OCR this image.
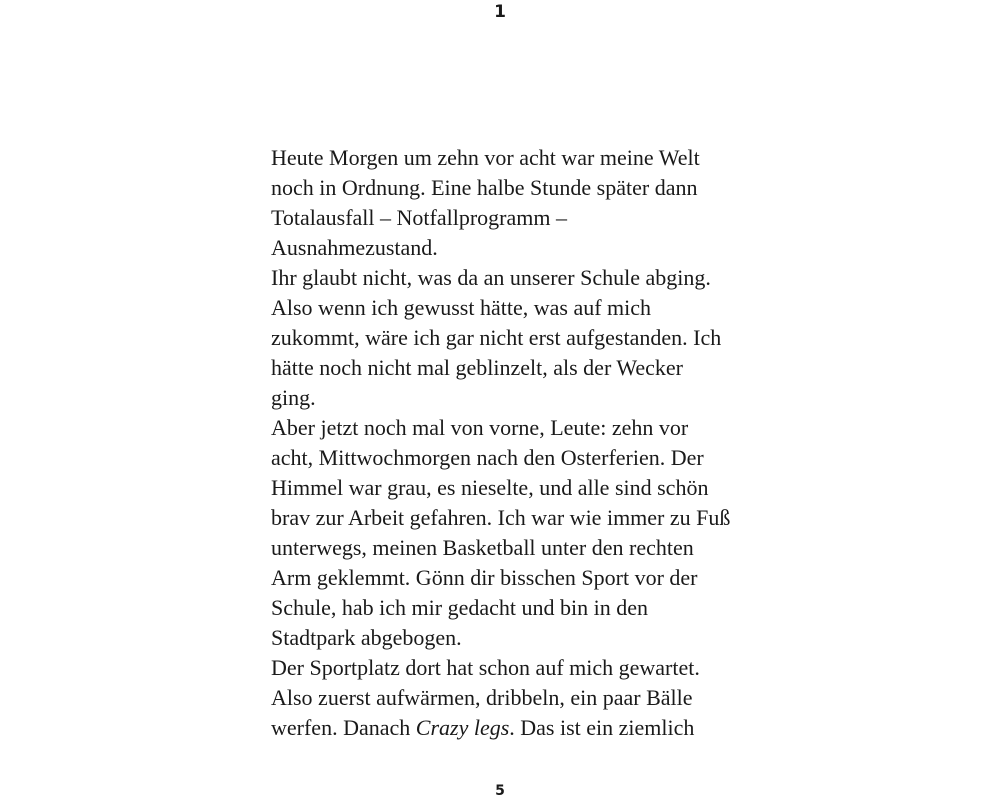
1
Heute Morgen um zehn vor acht war meine Welt
noch in Ordnung. Eine halbe Stunde später dann
Totalausfall – Notfallprogramm –
Ausnahmezustand.
Ihr glaubt nicht, was da an unserer Schule abging.
Also wenn ich gewusst hätte, was auf mich
zukommt, wäre ich gar nicht erst aufgestanden. Ich
hätte noch nicht mal geblinzelt, als der Wecker
ging.
Aber jetzt noch mal von vorne, Leute: zehn vor
acht, Mittwochmorgen nach den Osterferien. Der
Himmel war grau, es nieselte, und alle sind schön
brav zur Arbeit gefahren. Ich war wie immer zu Fuß
unterwegs, meinen Basketball unter den rechten
Arm geklemmt. Gönn dir bisschen Sport vor der
Schule, hab ich mir gedacht und bin in den
Stadtpark abgebogen.
Der Sportplatz dort hat schon auf mich gewartet.
Also zuerst aufwärmen, dribbeln, ein paar Bälle
werfen. Danach Crazy legs. Das ist ein ziemlich
5
